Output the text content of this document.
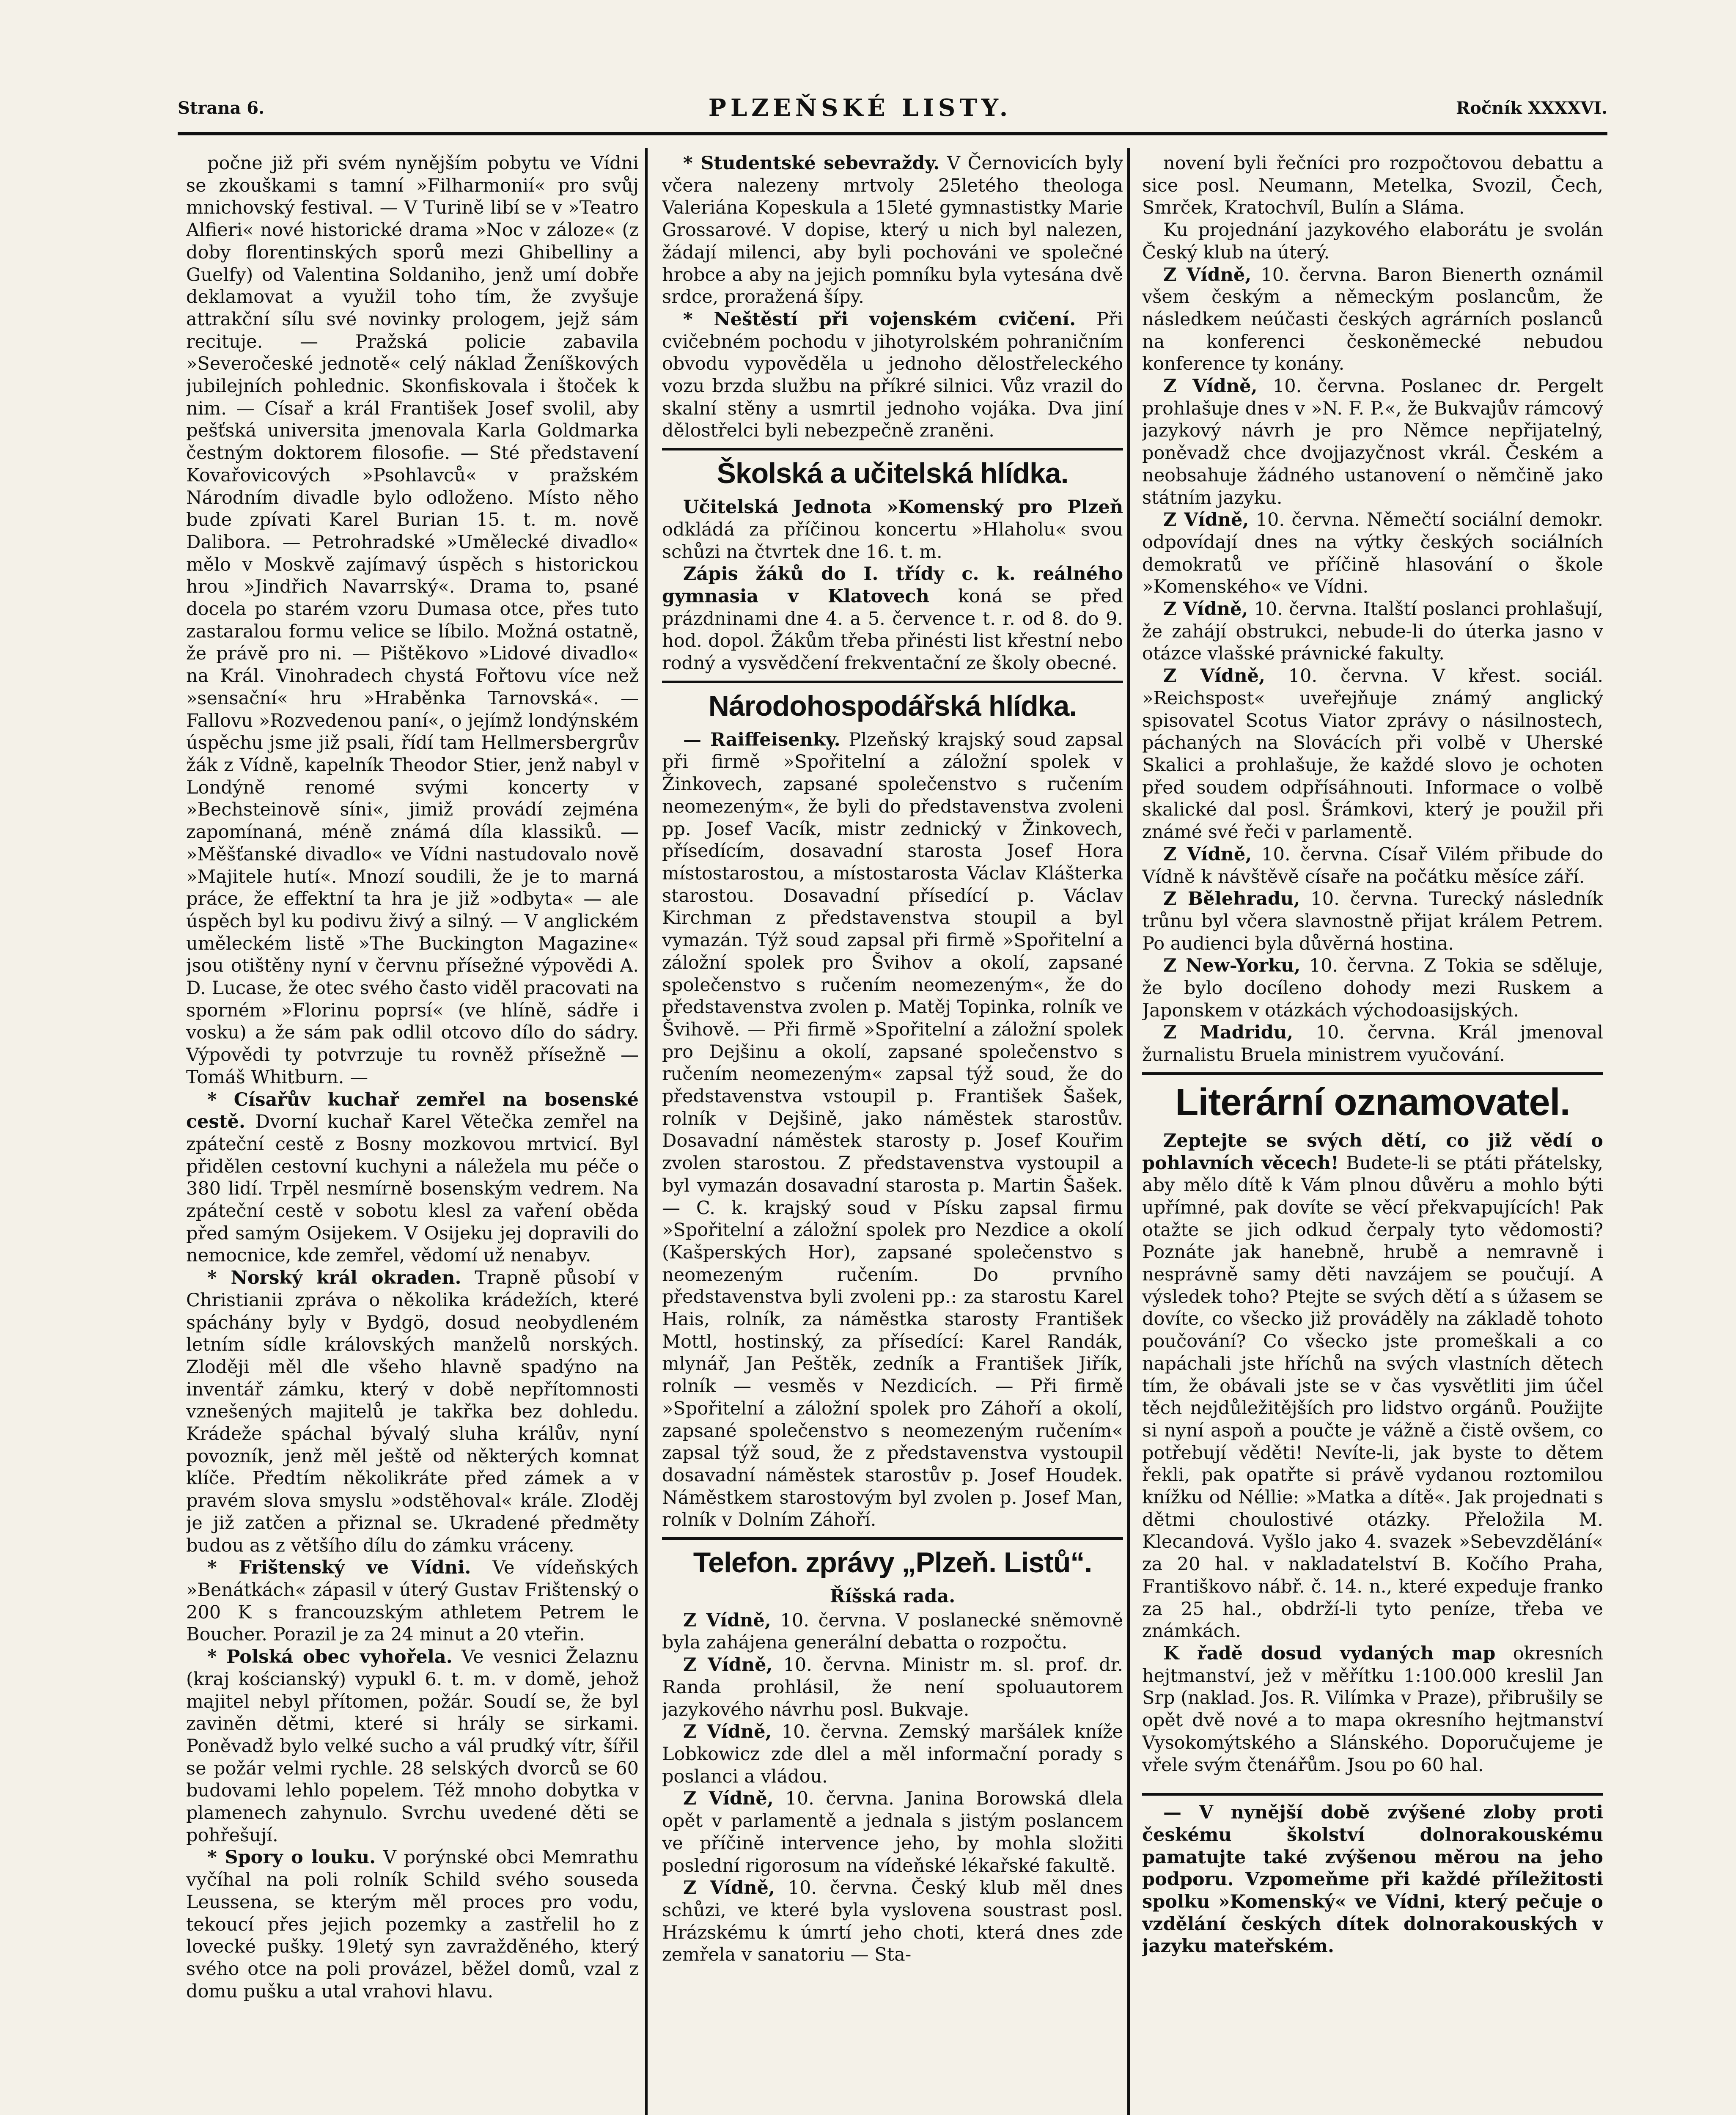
Strana 6.	PLZEŇSKÉ LISTY.	Ročník XXXXVI.

počne již při svém nynějším pobytu ve Vídni se zkouškami s tamní »Filharmonií« pro svůj mnichovský festival. — V Turině libí se v »Teatro Alfieri« nové historické drama »Noc v záloze« (z doby florentinských sporů mezi Ghibelliny a Guelfy) od Valentina Soldaniho, jenž umí dobře deklamovat a využil toho tím, že zvyšuje attrakční sílu své novinky prologem, jejž sám recituje. — Pražská policie zabavila »Severočeské jednotě« celý náklad Ženíškových jubilejních pohlednic. Skonfiskovala i štoček k nim. — Císař a král František Josef svolil, aby pešťská universita jmenovala Karla Goldmarka čestným doktorem filosofie. — Sté představení Kovařovicových »Psohlavců« v pražském Národním divadle bylo odloženo. Místo něho bude zpívati Karel Burian 15. t. m. nově Dalibora. — Petrohradské »Umělecké divadlo« mělo v Moskvě zajímavý úspěch s historickou hrou »Jindřich Navarrský«. Drama to, psané docela po starém vzoru Dumasa otce, přes tuto zastaralou formu velice se líbilo. Možná ostatně, že právě pro ni. — Pištěkovo »Lidové divadlo« na Král. Vinohradech chystá Fořtovu více než »sensační« hru »Hraběnka Tarnovská«. — Fallovu »Rozvedenou paní«, o jejímž londýnském úspěchu jsme již psali, řídí tam Hellmersbergrův žák z Vídně, kapelník Theodor Stier, jenž nabyl v Londýně renomé svými koncerty v »Bechsteinově síni«, jimiž provádí zejména zapomínaná, méně známá díla klassiků. — »Měšťanské divadlo« ve Vídni nastudovalo nově »Majitele hutí«. Mnozí soudili, že je to marná práce, že effektní ta hra je již »odbyta« — ale úspěch byl ku podivu živý a silný. — V anglickém uměleckém listě »The Buckington Magazine« jsou otištěny nyní v červnu přísežné výpovědi A. D. Lucase, že otec svého často viděl pracovati na sporném »Florinu poprsí« (ve hlíně, sádře i vosku) a že sám pak odlil otcovo dílo do sádry. Výpovědi ty potvrzuje tu rovněž přísežně — Tomáš Whitburn. —

* Císařův kuchař zemřel na bosenské cestě. Dvorní kuchař Karel Větečka zemřel na zpáteční cestě z Bosny mozkovou mrtvicí. Byl přidělen cestovní kuchyni a náležela mu péče o 380 lidí. Trpěl nesmírně bosenským vedrem. Na zpáteční cestě v sobotu klesl za vaření oběda před samým Osijekem. V Osijeku jej dopravili do nemocnice, kde zemřel, vědomí už nenabyv.

* Norský král okraden. Trapně působí v Christianii zpráva o několika krádežích, které spáchány byly v Bydgö, dosud neobydleném letním sídle královských manželů norských. Zloději měl dle všeho hlavně spadýno na inventář zámku, který v době nepřítomnosti vznešených majitelů je takřka bez dohledu. Krádeže spáchal bývalý sluha králův, nyní povozník, jenž měl ještě od některých komnat klíče. Předtím několikráte před zámek a v pravém slova smyslu »odstěhoval« krále. Zloděj je již zatčen a přiznal se. Ukradené předměty budou as z většího dílu do zámku vráceny.

* Frištenský ve Vídni. Ve vídeňských »Benátkách« zápasil v úterý Gustav Frištenský o 200 K s francouzským athletem Petrem le Boucher. Porazil je za 24 minut a 20 vteřin.

* Polská obec vyhořela. Ve vesnici Želaznu (kraj kościanský) vypukl 6. t. m. v domě, jehož majitel nebyl přítomen, požár. Soudí se, že byl zaviněn dětmi, které si hrály se sirkami. Poněvadž bylo velké sucho a vál prudký vítr, šířil se požár velmi rychle. 28 selských dvorců se 60 budovami lehlo popelem. Též mnoho dobytka v plamenech zahynulo. Svrchu uvedené děti se pohřešují.

* Spory o louku. V porýnské obci Memrathu vyčíhal na poli rolník Schild svého souseda Leussena, se kterým měl proces pro vodu, tekoucí přes jejich pozemky a zastřelil ho z lovecké pušky. 19letý syn zavražděného, který svého otce na poli provázel, běžel domů, vzal z domu pušku a utal vrahovi hlavu.

* Studentské sebevraždy. V Černovicích byly včera nalezeny mrtvoly 25letého theologa Valeriána Kopeskula a 15leté gymnastistky Marie Grossarové. V dopise, který u nich byl nalezen, žádají milenci, aby byli pochováni ve společné hrobce a aby na jejich pomníku byla vytesána dvě srdce, proražená šípy.

* Neštěstí při vojenském cvičení. Při cvičebném pochodu v jihotyrolském pohraničním obvodu vypověděla u jednoho dělostřeleckého vozu brzda službu na příkré silnici. Vůz vrazil do skalní stěny a usmrtil jednoho vojáka. Dva jiní dělostřelci byli nebezpečně zraněni.

Školská a učitelská hlídka.

Učitelská Jednota »Komenský pro Plzeň odkládá za příčinou koncertu »Hlaholu« svou schůzi na čtvrtek dne 16. t. m.

Zápis žáků do I. třídy c. k. reálného gymnasia v Klatovech koná se před prázdninami dne 4. a 5. července t. r. od 8. do 9. hod. dopol. Žákům třeba přinésti list křestní nebo rodný a vysvědčení frekventační ze školy obecné.

Národohospodářská hlídka.

— Raiffeisenky. Plzeňský krajský soud zapsal při firmě »Spořitelní a záložní spolek v Žinkovech, zapsané společenstvo s ručením neomezeným«, že byli do představenstva zvoleni pp. Josef Vacík, mistr zednický v Žinkovech, přísedícím, dosavadní starosta Josef Hora místostarostou, a místostarosta Václav Klášterka starostou. Dosavadní přísedící p. Václav Kirchman z představenstva stoupil a byl vymazán. Týž soud zapsal při firmě »Spořitelní a záložní spolek pro Švihov a okolí, zapsané společenstvo s ručením neomezeným«, že do představenstva zvolen p. Matěj Topinka, rolník ve Švihově. — Při firmě »Spořitelní a záložní spolek pro Dejšinu a okolí, zapsané společenstvo s ručením neomezeným« zapsal týž soud, že do představenstva vstoupil p. František Šašek, rolník v Dejšině, jako náměstek starostův. Dosavadní náměstek starosty p. Josef Kouřim zvolen starostou. Z představenstva vystoupil a byl vymazán dosavadní starosta p. Martin Šašek. — C. k. krajský soud v Písku zapsal firmu »Spořitelní a záložní spolek pro Nezdice a okolí (Kašperských Hor), zapsané společenstvo s neomezeným ručením. Do prvního představenstva byli zvoleni pp.: za starostu Karel Hais, rolník, za náměstka starosty František Mottl, hostinský, za přísedící: Karel Randák, mlynář, Jan Peštěk, zedník a František Jiřík, rolník — vesměs v Nezdicích. — Při firmě »Spořitelní a záložní spolek pro Záhoří a okolí, zapsané společenstvo s neomezeným ručením« zapsal týž soud, že z představenstva vystoupil dosavadní náměstek starostův p. Josef Houdek. Náměstkem starostovým byl zvolen p. Josef Man, rolník v Dolním Záhoří.

Telefon. zprávy „Plzeň. Listů“.

Říšská rada.

Z Vídně, 10. června. V poslanecké sněmovně byla zahájena generální debatta o rozpočtu.

Z Vídně, 10. června. Ministr m. sl. prof. dr. Randa prohlásil, že není spoluautorem jazykového návrhu posl. Bukvaje.

Z Vídně, 10. června. Zemský maršálek kníže Lobkowicz zde dlel a měl informační porady s poslanci a vládou.

Z Vídně, 10. června. Janina Borowská dlela opět v parlamentě a jednala s jistým poslancem ve příčině intervence jeho, by mohla složiti poslední rigorosum na vídeňské lékařské fakultě.

Z Vídně, 10. června. Český klub měl dnes schůzi, ve které byla vyslovena soustrast posl. Hrázskému k úmrtí jeho choti, která dnes zde zemřela v sanatoriu — Sta-

novení byli řečníci pro rozpočtovou debattu a sice posl. Neumann, Metelka, Svozil, Čech, Smrček, Kratochvíl, Bulín a Sláma.

Ku projednání jazykového elaborátu je svolán Český klub na úterý.

Z Vídně, 10. června. Baron Bienerth oznámil všem českým a německým poslancům, že následkem neúčasti českých agrárních poslanců na konferenci českoněmecké nebudou konference ty konány.

Z Vídně, 10. června. Poslanec dr. Pergelt prohlašuje dnes v »N. F. P.«, že Bukvajův rámcový jazykový návrh je pro Němce nepřijatelný, poněvadž chce dvojjazyčnost vkrál. Českém a neobsahuje žádného ustanovení o němčině jako státním jazyku.

Z Vídně, 10. června. Němečtí sociální demokr. odpovídají dnes na výtky českých sociálních demokratů ve příčině hlasování o škole »Komenského« ve Vídni.

Z Vídně, 10. června. Italští poslanci prohlašují, že zahájí obstrukci, nebude-li do úterka jasno v otázce vlašské právnické fakulty.

Z Vídně, 10. června. V křest. sociál. »Reichspost« uveřejňuje známý anglický spisovatel Scotus Viator zprávy o násilnostech, páchaných na Slovácích při volbě v Uherské Skalici a prohlašuje, že každé slovo je ochoten před soudem odpřísáhnouti. Informace o volbě skalické dal posl. Šrámkovi, který je použil při známé své řeči v parlamentě.

Z Vídně, 10. června. Císař Vilém přibude do Vídně k návštěvě císaře na počátku měsíce září.

Z Bělehradu, 10. června. Turecký následník trůnu byl včera slavnostně přijat králem Petrem. Po audienci byla důvěrná hostina.

Z New-Yorku, 10. června. Z Tokia se sděluje, že bylo docíleno dohody mezi Ruskem a Japonskem v otázkách východoasijských.

Z Madridu, 10. června. Král jmenoval žurnalistu Bruela ministrem vyučování.

Literární oznamovatel.

Zeptejte se svých dětí, co již vědí o pohlavních věcech! Budete-li se ptáti přátelsky, aby mělo dítě k Vám plnou důvěru a mohlo býti upřímné, pak dovíte se věcí překvapujících! Pak otažte se jich odkud čerpaly tyto vědomosti? Poznáte jak hanebně, hrubě a nemravně i nesprávně samy děti navzájem se poučují. A výsledek toho? Ptejte se svých dětí a s úžasem se dovíte, co všecko již prováděly na základě tohoto poučování? Co všecko jste promeškali a co napáchali jste hříchů na svých vlastních dětech tím, že obávali jste se v čas vysvětliti jim účel těch nejdůležitějších pro lidstvo orgánů. Použijte si nyní aspoň a poučte je vážně a čistě ovšem, co potřebují věděti! Nevíte-li, jak byste to dětem řekli, pak opatřte si právě vydanou roztomilou knížku od Néllie: »Matka a dítě«. Jak projednati s dětmi choulostivé otázky. Přeložila M. Klecandová. Vyšlo jako 4. svazek »Sebevzdělání« za 20 hal. v nakladatelství B. Kočího Praha, Františkovo nábř. č. 14. n., které expeduje franko za 25 hal., obdrží-li tyto peníze, třeba ve známkách.

K řadě dosud vydaných map okresních hejtmanství, jež v měřítku 1:100.000 kreslil Jan Srp (naklad. Jos. R. Vilímka v Praze), přibrušily se opět dvě nové a to mapa okresního hejtmanství Vysokomýtského a Slánského. Doporučujeme je vřele svým čtenářům. Jsou po 60 hal.

— V nynější době zvýšené zloby proti českému školství dolnorakouskému pamatujte také zvýšenou měrou na jeho podporu. Vzpomeňme při každé příležitosti spolku »Komenský« ve Vídni, který pečuje o vzdělání českých dítek dolnorakouských v jazyku mateřském.
